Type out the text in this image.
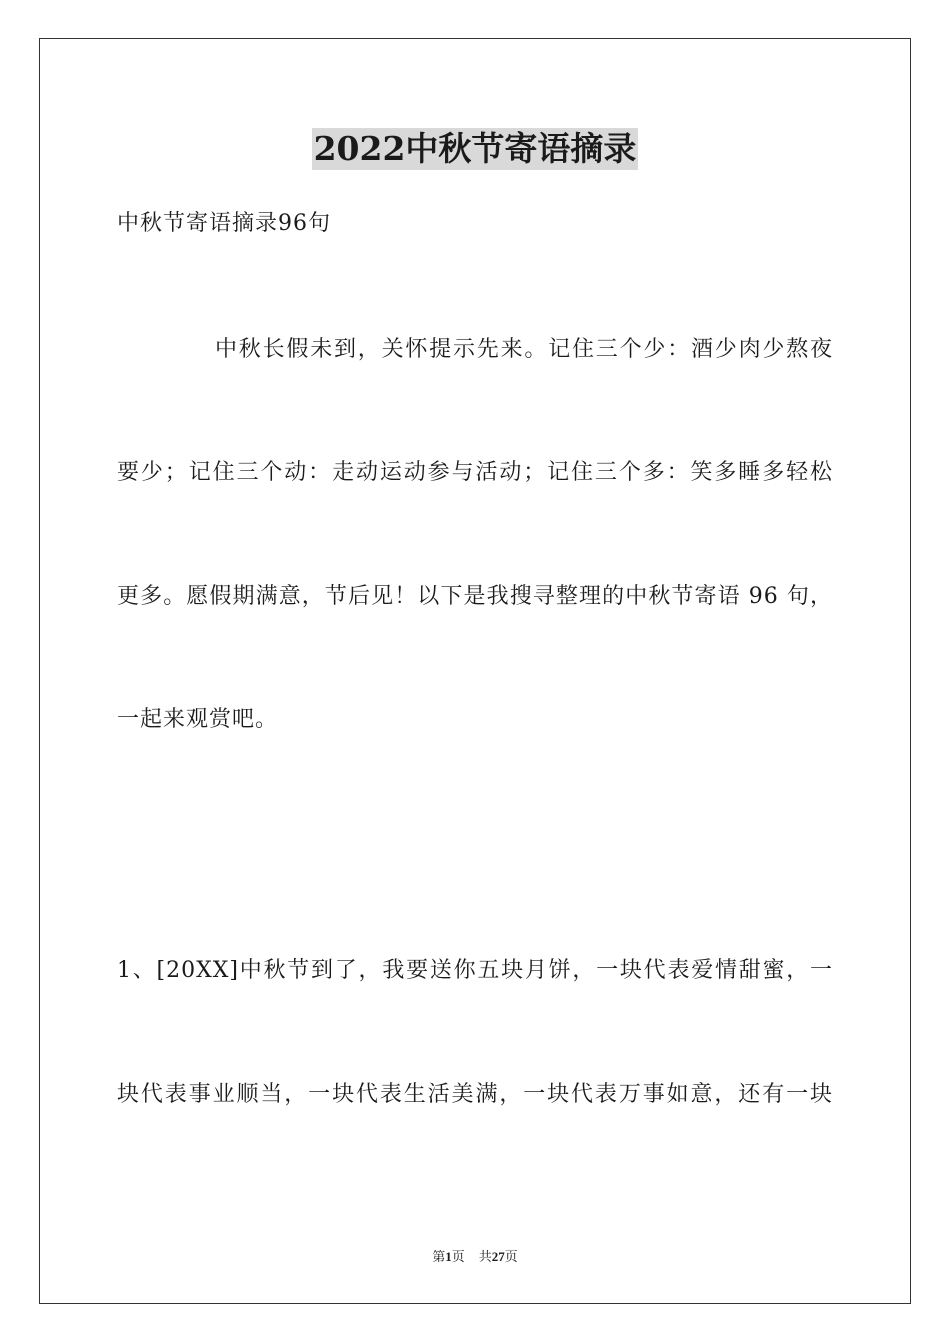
2022中秋节寄语摘录
中秋节寄语摘录96句
中秋长假未到，关怀提示先来。记住三个少：酒少肉少熬夜
要少；记住三个动：走动运动参与活动；记住三个多：笑多睡多轻松
更多。愿假期满意，节后见！以下是我搜寻整理的中秋节寄语 96 句，
一起来观赏吧。
1、[20XX]中秋节到了，我要送你五块月饼，一块代表爱情甜蜜，一
块代表事业顺当，一块代表生活美满，一块代表万事如意，还有一块
第1页 共27页
